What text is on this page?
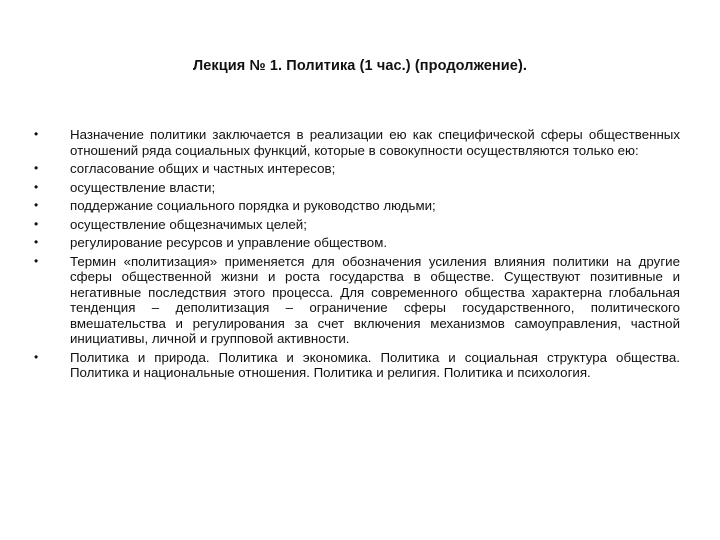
Лекция № 1. Политика (1 час.) (продолжение).
• Назначение политики заключается в реализации ею как специфической сферы общественных отношений ряда социальных функций, которые в совокупности осуществляются только ею:
• согласование общих и частных интересов;
• осуществление власти;
• поддержание социального порядка и руководство людьми;
• осуществление общезначимых целей;
• регулирование ресурсов и управление обществом.
• Термин «политизация» применяется для обозначения усиления влияния политики на другие сферы общественной жизни и роста государства в обществе. Существуют позитивные и негативные последствия этого процесса. Для современного общества характерна глобальная тенденция – деполитизация – ограничение сферы государственного, политического вмешательства и регулирования за счет включения механизмов самоуправления, частной инициативы, личной и групповой активности.
• Политика и природа. Политика и экономика. Политика и социальная структура общества. Политика и национальные отношения. Политика и религия. Политика и психология.
